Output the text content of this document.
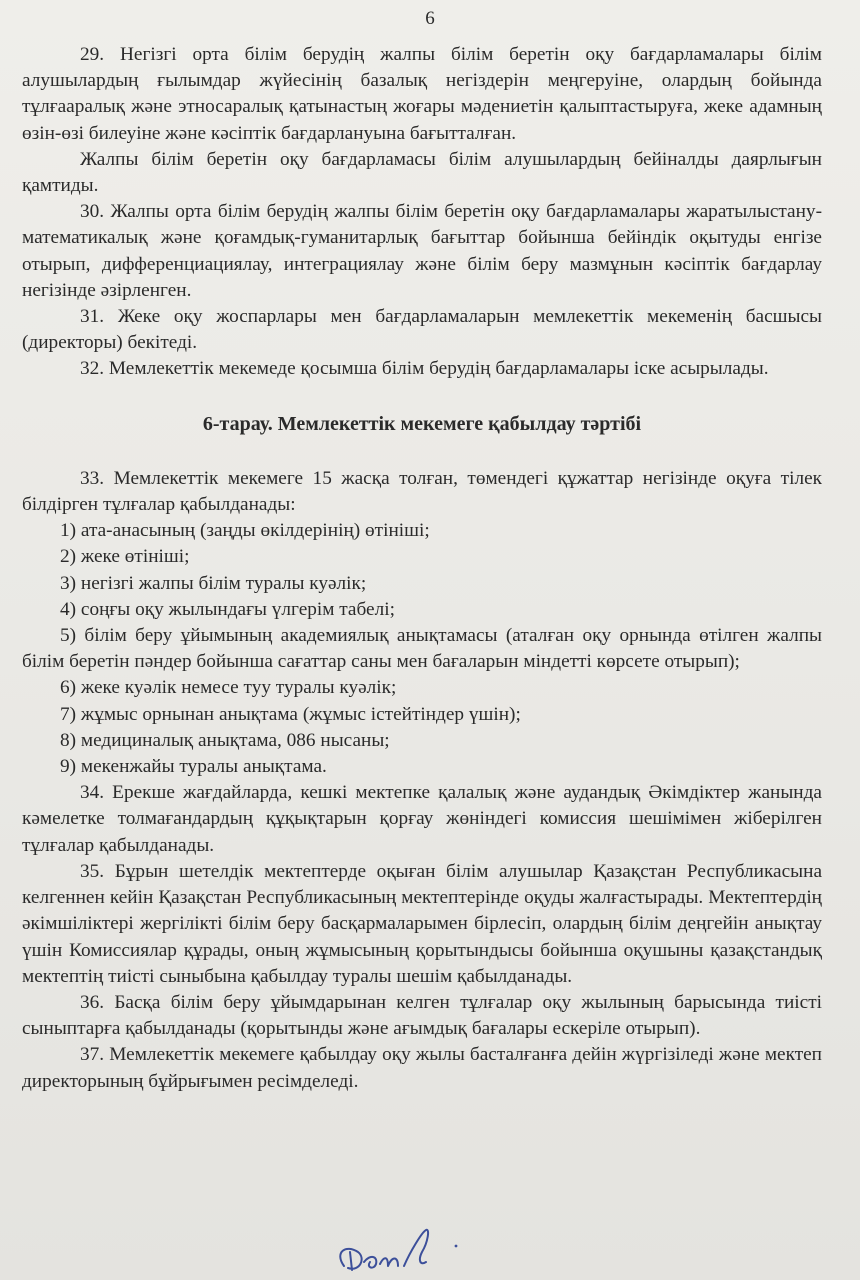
6

29. Негізгі орта білім берудің жалпы білім беретін оқу бағдарламалары білім алушылардың ғылымдар жүйесінің базалық негіздерін меңгеруіне, олардың бойында тұлғааралық және этносаралық қатынастың жоғары мәдениетін қалыптастыруға, жеке адамның өзін-өзі билеуіне және кәсіптік бағдарлануына бағытталған.

Жалпы білім беретін оқу бағдарламасы білім алушылардың бейіналды даярлығын қамтиды.

30. Жалпы орта білім берудің жалпы білім беретін оқу бағдарламалары жаратылыстану-математикалық және қоғамдық-гуманитарлық бағыттар бойынша бейіндік оқытуды енгізе отырып, дифференциациялау, интеграциялау және білім беру мазмұнын кәсіптік бағдарлау негізінде әзірленген.

31. Жеке оқу жоспарлары мен бағдарламаларын мемлекеттік мекеменің басшысы (директоры) бекітеді.

32. Мемлекеттік мекемеде қосымша білім берудің бағдарламалары іске асырылады.

6-тарау. Мемлекеттік мекемеге қабылдау тәртібі

33. Мемлекеттік мекемеге 15 жасқа толған, төмендегі құжаттар негізінде оқуға тілек білдірген тұлғалар қабылданады:

1) ата-анасының (заңды өкілдерінің) өтініші;

2) жеке өтініші;

3) негізгі жалпы білім туралы куәлік;

4) соңғы оқу жылындағы үлгерім табелі;

5) білім беру ұйымының академиялық анықтамасы (аталған оқу орнында өтілген жалпы білім беретін пәндер бойынша сағаттар саны мен бағаларын міндетті көрсете отырып);

6) жеке куәлік немесе туу туралы куәлік;

7) жұмыс орнынан анықтама (жұмыс істейтіндер үшін);

8) медициналық анықтама, 086 нысаны;

9) мекенжайы туралы анықтама.

34. Ерекше жағдайларда, кешкі мектепке қалалық және аудандық Әкімдіктер жанында кәмелетке толмағандардың құқықтарын қорғау жөніндегі комиссия шешімімен жіберілген тұлғалар қабылданады.

35. Бұрын шетелдік мектептерде оқыған білім алушылар Қазақстан Республикасына келгеннен кейін Қазақстан Республикасының мектептерінде оқуды жалғастырады. Мектептердің әкімшіліктері жергілікті білім беру басқармаларымен бірлесіп, олардың білім деңгейін анықтау үшін Комиссиялар құрады, оның жұмысының қорытындысы бойынша оқушыны қазақстандық мектептің тиісті сыныбына қабылдау туралы шешім қабылданады.

36. Басқа білім беру ұйымдарынан келген тұлғалар оқу жылының барысында тиісті сыныптарға қабылданады (қорытынды және ағымдық бағалары ескеріле отырып).

37. Мемлекеттік мекемеге қабылдау оқу жылы басталғанға дейін жүргізіледі және мектеп директорының бұйрығымен ресімделеді.
